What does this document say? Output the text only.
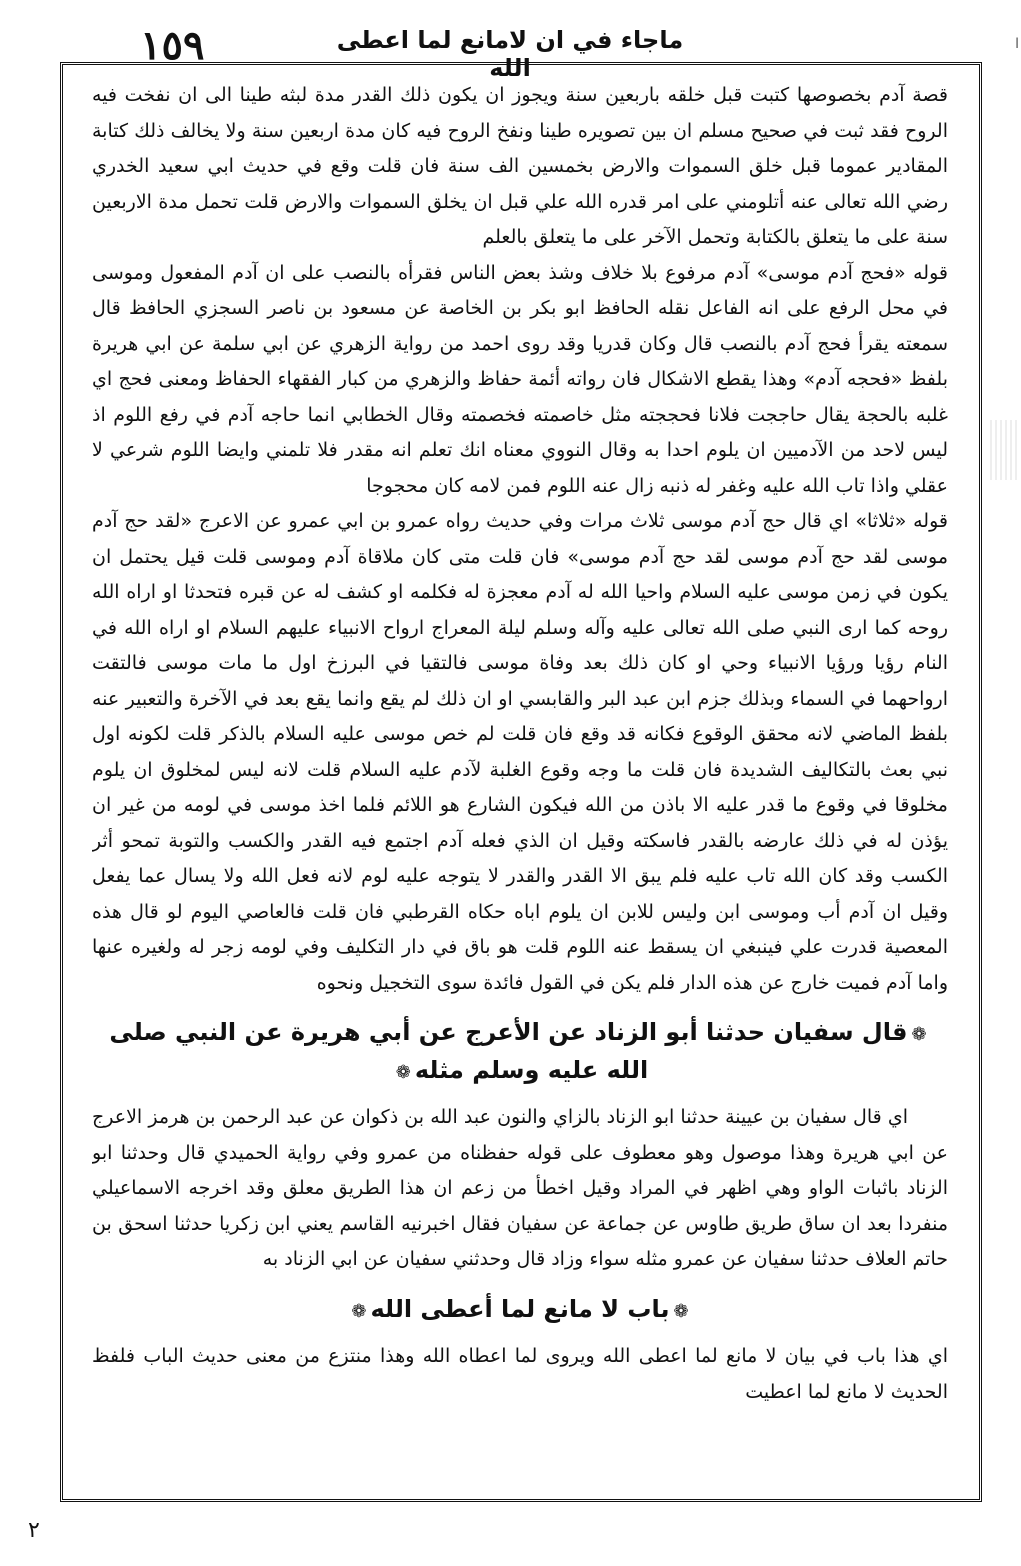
ا
١٥٩	ماجاء في ان لامانع لما اعطى الله

قصة آدم بخصوصها كتبت قبل خلقه باربعين سنة ويجوز ان يكون ذلك القدر مدة لبثه طينا الى ان نفخت فيه الروح فقد ثبت في صحيح مسلم ان بين تصويره طينا ونفخ الروح فيه كان مدة اربعين سنة ولا يخالف ذلك كتابة المقادير عموما قبل خلق السموات والارض بخمسين الف سنة فان قلت وقع في حديث ابي سعيد الخدري رضي الله تعالى عنه أتلومني على امر قدره الله علي قبل ان يخلق السموات والارض قلت تحمل مدة الاربعين سنة على ما يتعلق بالكتابة وتحمل الآخر على ما يتعلق بالعلم

قوله «فحج آدم موسى» آدم مرفوع بلا خلاف وشذ بعض الناس فقرأه بالنصب على ان آدم المفعول وموسى في محل الرفع على انه الفاعل نقله الحافظ ابو بكر بن الخاصة عن مسعود بن ناصر السجزي الحافظ قال سمعته يقرأ فحج آدم بالنصب قال وكان قدريا وقد روى احمد من رواية الزهري عن ابي سلمة عن ابي هريرة بلفظ «فحجه آدم» وهذا يقطع الاشكال فان رواته أئمة حفاظ والزهري من كبار الفقهاء الحفاظ ومعنى فحج اي غلبه بالحجة يقال حاججت فلانا فحججته مثل خاصمته فخصمته وقال الخطابي انما حاجه آدم في رفع اللوم اذ ليس لاحد من الآدميين ان يلوم احدا به وقال النووي معناه انك تعلم انه مقدر فلا تلمني وايضا اللوم شرعي لا عقلي واذا تاب الله عليه وغفر له ذنبه زال عنه اللوم فمن لامه كان محجوجا

قوله «ثلاثا» اي قال حج آدم موسى ثلاث مرات وفي حديث رواه عمرو بن ابي عمرو عن الاعرج «لقد حج آدم موسى لقد حج آدم موسى لقد حج آدم موسى» فان قلت متى كان ملاقاة آدم وموسى قلت قيل يحتمل ان يكون في زمن موسى عليه السلام واحيا الله له آدم معجزة له فكلمه او كشف له عن قبره فتحدثا او اراه الله روحه كما ارى النبي صلى الله تعالى عليه وآله وسلم ليلة المعراج ارواح الانبياء عليهم السلام او اراه الله في النام رؤيا ورؤيا الانبياء وحي او كان ذلك بعد وفاة موسى فالتقيا في البرزخ اول ما مات موسى فالتقت ارواحهما في السماء وبذلك جزم ابن عبد البر والقابسي او ان ذلك لم يقع وانما يقع بعد في الآخرة والتعبير عنه بلفظ الماضي لانه محقق الوقوع فكانه قد وقع فان قلت لم خص موسى عليه السلام بالذكر قلت لكونه اول نبي بعث بالتكاليف الشديدة فان قلت ما وجه وقوع الغلبة لآدم عليه السلام قلت لانه ليس لمخلوق ان يلوم مخلوقا في وقوع ما قدر عليه الا باذن من الله فيكون الشارع هو اللائم فلما اخذ موسى في لومه من غير ان يؤذن له في ذلك عارضه بالقدر فاسكته وقيل ان الذي فعله آدم اجتمع فيه القدر والكسب والتوبة تمحو أثر الكسب وقد كان الله تاب عليه فلم يبق الا القدر والقدر لا يتوجه عليه لوم لانه فعل الله ولا يسال عما يفعل وقيل ان آدم أب وموسى ابن وليس للابن ان يلوم اباه حكاه القرطبي فان قلت فالعاصي اليوم لو قال هذه المعصية قدرت علي فينبغي ان يسقط عنه اللوم قلت هو باق في دار التكليف وفي لومه زجر له ولغيره عنها واما آدم فميت خارج عن هذه الدار فلم يكن في القول فائدة سوى التخجيل ونحوه

❁قال سفيان حدثنا أبو الزناد عن الأعرج عن أبي هريرة عن النبي صلى الله عليه وسلم مثله❁

اي قال سفيان بن عيينة حدثنا ابو الزناد بالزاي والنون عبد الله بن ذكوان عن عبد الرحمن بن هرمز الاعرج عن ابي هريرة وهذا موصول وهو معطوف على قوله حفظناه من عمرو وفي رواية الحميدي قال وحدثنا ابو الزناد باثبات الواو وهي اظهر في المراد وقيل اخطأ من زعم ان هذا الطريق معلق وقد اخرجه الاسماعيلي منفردا بعد ان ساق طريق طاوس عن جماعة عن سفيان فقال اخبرنيه القاسم يعني ابن زكريا حدثنا اسحق بن حاتم العلاف حدثنا سفيان عن عمرو مثله سواء وزاد قال وحدثني سفيان عن ابي الزناد به

❁باب لا مانع لما أعطى الله❁

اي هذا باب في بيان لا مانع لما اعطى الله ويروى لما اعطاه الله وهذا منتزع من معنى حديث الباب فلفظ الحديث لا مانع لما اعطيت

٢
